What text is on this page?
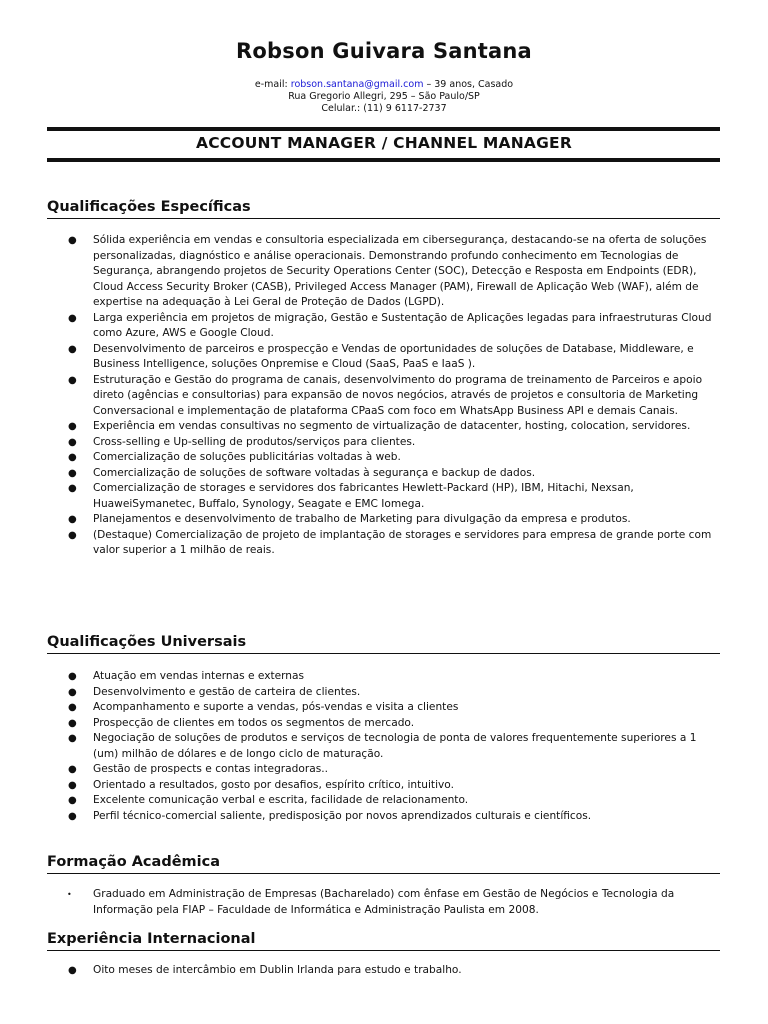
Robson Guivara Santana
e-mail: robson.santana@gmail.com – 39 anos, Casado
Rua Gregorio Allegri, 295 – São Paulo/SP
Celular.: (11) 9 6117-2737
ACCOUNT MANAGER / CHANNEL MANAGER
Qualificações Específicas
● Sólida experiência em vendas e consultoria especializada em cibersegurança, destacando-se na oferta de soluções personalizadas, diagnóstico e análise operacionais. Demonstrando profundo conhecimento em Tecnologias de Segurança, abrangendo projetos de Security Operations Center (SOC), Detecção e Resposta em Endpoints (EDR), Cloud Access Security Broker (CASB), Privileged Access Manager (PAM), Firewall de Aplicação Web (WAF), além de expertise na adequação à Lei Geral de Proteção de Dados (LGPD).
● Larga experiência em projetos de migração, Gestão e Sustentação de Aplicações legadas para infraestruturas Cloud como Azure, AWS e Google Cloud.
● Desenvolvimento de parceiros e prospecção e Vendas de oportunidades de soluções de Database, Middleware, e Business Intelligence, soluções Onpremise e Cloud (SaaS, PaaS e IaaS ).
● Estruturação e Gestão do programa de canais, desenvolvimento do programa de treinamento de Parceiros e apoio direto (agências e consultorias) para expansão de novos negócios, através de projetos e consultoria de Marketing Conversacional e implementação de plataforma CPaaS com foco em WhatsApp Business API e demais Canais.
● Experiência em vendas consultivas no segmento de virtualização de datacenter, hosting, colocation, servidores.
● Cross-selling e Up-selling de produtos/serviços para clientes.
● Comercialização de soluções publicitárias voltadas à web.
● Comercialização de soluções de software voltadas à segurança e backup de dados.
● Comercialização de storages e servidores dos fabricantes Hewlett-Packard (HP), IBM, Hitachi, Nexsan, HuaweiSymanetec, Buffalo, Synology, Seagate e EMC Iomega.
● Planejamentos e desenvolvimento de trabalho de Marketing para divulgação da empresa e produtos.
● (Destaque) Comercialização de projeto de implantação de storages e servidores para empresa de grande porte com valor superior a 1 milhão de reais.
Qualificações Universais
● Atuação em vendas internas e externas
● Desenvolvimento e gestão de carteira de clientes.
● Acompanhamento e suporte a vendas, pós-vendas e visita a clientes
● Prospecção de clientes em todos os segmentos de mercado.
● Negociação de soluções de produtos e serviços de tecnologia de ponta de valores frequentemente superiores a 1 (um) milhão de dólares e de longo ciclo de maturação.
● Gestão de prospects e contas integradoras..
● Orientado a resultados, gosto por desafios, espírito crítico, intuitivo.
● Excelente comunicação verbal e escrita, facilidade de relacionamento.
● Perfil técnico-comercial saliente, predisposição por novos aprendizados culturais e científicos.
Formação Acadêmica
• Graduado em Administração de Empresas (Bacharelado) com ênfase em Gestão de Negócios e Tecnologia da Informação pela FIAP – Faculdade de Informática e Administração Paulista em 2008.
Experiência Internacional
● Oito meses de intercâmbio em Dublin Irlanda para estudo e trabalho.
